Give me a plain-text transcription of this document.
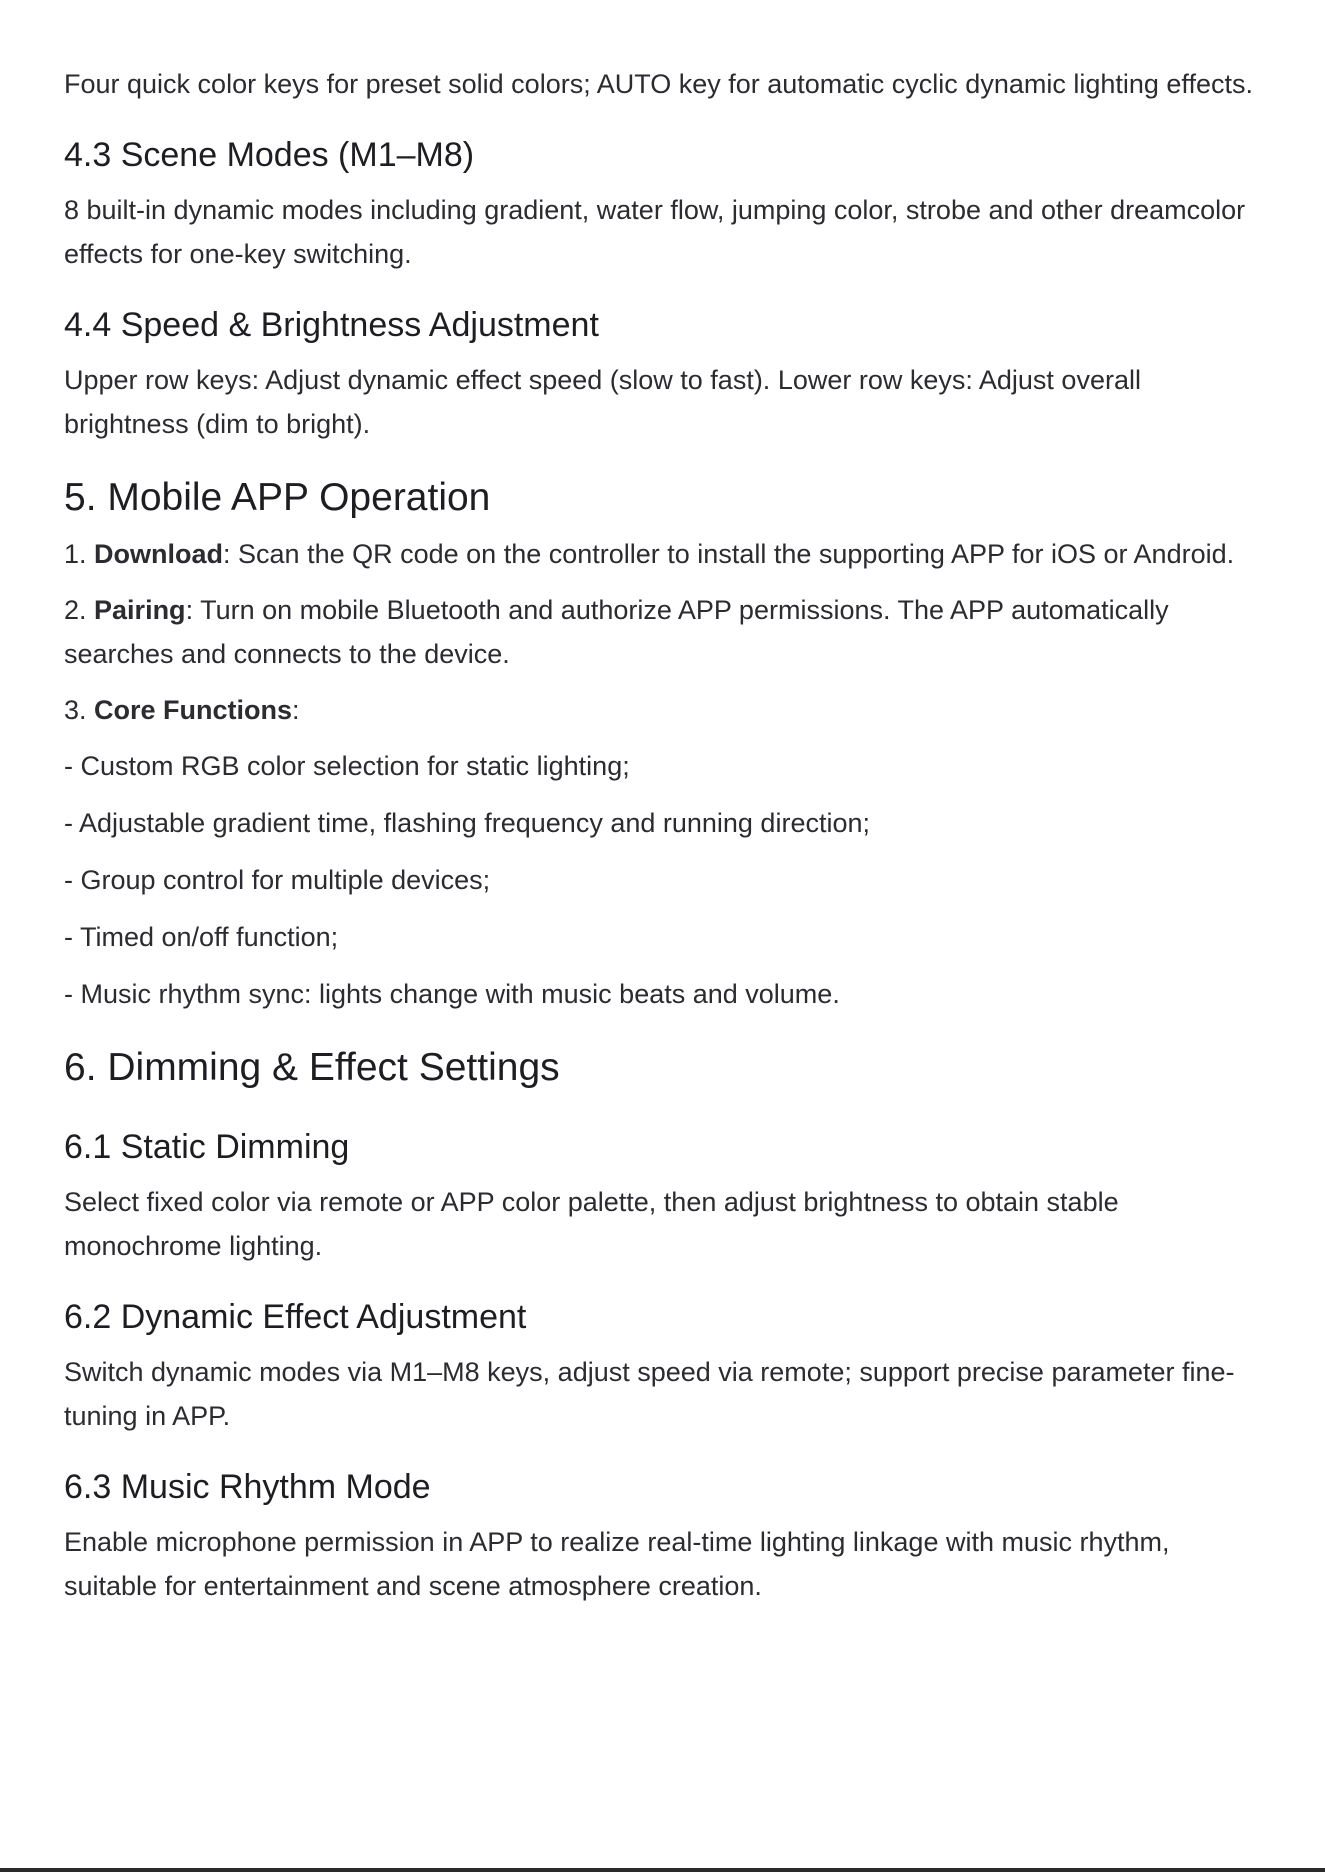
Four quick color keys for preset solid colors; AUTO key for automatic cyclic dynamic lighting effects.

4.3 Scene Modes (M1–M8)

8 built-in dynamic modes including gradient, water flow, jumping color, strobe and other dreamcolor effects for one-key switching.

4.4 Speed & Brightness Adjustment

Upper row keys: Adjust dynamic effect speed (slow to fast). Lower row keys: Adjust overall brightness (dim to bright).

5. Mobile APP Operation

1. Download: Scan the QR code on the controller to install the supporting APP for iOS or Android.

2. Pairing: Turn on mobile Bluetooth and authorize APP permissions. The APP automatically searches and connects to the device.

3. Core Functions:

- Custom RGB color selection for static lighting;

- Adjustable gradient time, flashing frequency and running direction;

- Group control for multiple devices;

- Timed on/off function;

- Music rhythm sync: lights change with music beats and volume.

6. Dimming & Effect Settings
6.1 Static Dimming

Select fixed color via remote or APP color palette, then adjust brightness to obtain stable monochrome lighting.

6.2 Dynamic Effect Adjustment

Switch dynamic modes via M1–M8 keys, adjust speed via remote; support precise parameter fine-tuning in APP.

6.3 Music Rhythm Mode

Enable microphone permission in APP to realize real-time lighting linkage with music rhythm, suitable for entertainment and scene atmosphere creation.
